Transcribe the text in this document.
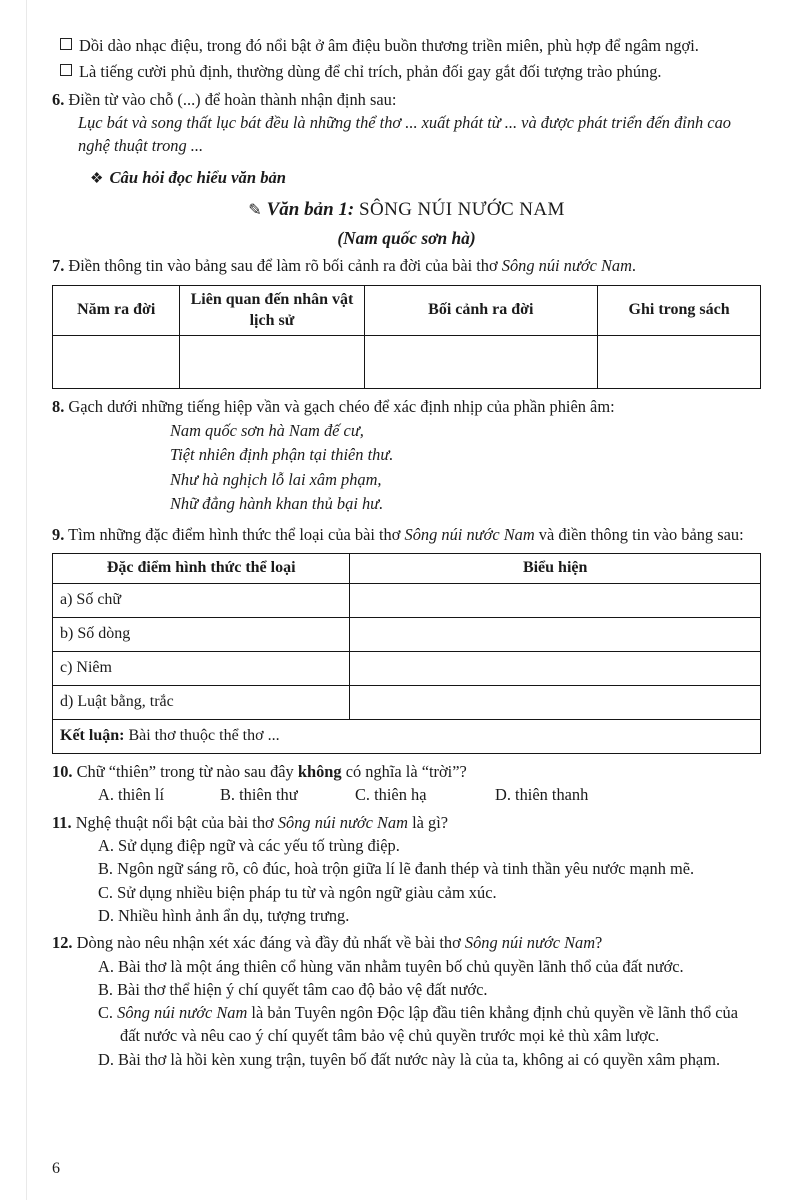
Dồi dào nhạc điệu, trong đó nổi bật ở âm điệu buồn thương triền miên, phù hợp để ngâm ngợi.
Là tiếng cười phủ định, thường dùng để chỉ trích, phản đối gay gắt đối tượng trào phúng.
6. Điền từ vào chỗ (...) để hoàn thành nhận định sau:
Lục bát và song thất lục bát đều là những thể thơ ... xuất phát từ ... và được phát triển đến đỉnh cao nghệ thuật trong ...
❖ Câu hỏi đọc hiểu văn bản
✎ Văn bản 1: SÔNG NÚI NƯỚC NAM
(Nam quốc sơn hà)
7. Điền thông tin vào bảng sau để làm rõ bối cảnh ra đời của bài thơ Sông núi nước Nam.
Năm ra đời	Liên quan đến nhân vật lịch sử	Bối cảnh ra đời	Ghi trong sách

8. Gạch dưới những tiếng hiệp vần và gạch chéo để xác định nhịp của phần phiên âm:
Nam quốc sơn hà Nam đế cư,
Tiệt nhiên định phận tại thiên thư.
Như hà nghịch lỗ lai xâm phạm,
Nhữ đẳng hành khan thủ bại hư.
9. Tìm những đặc điểm hình thức thể loại của bài thơ Sông núi nước Nam và điền thông tin vào bảng sau:
Đặc điểm hình thức thể loại	Biểu hiện
a) Số chữ	
b) Số dòng	
c) Niêm	
d) Luật bằng, trắc	
Kết luận: Bài thơ thuộc thể thơ ...	
10. Chữ “thiên” trong từ nào sau đây không có nghĩa là “trời”?
A. thiên lí	B. thiên thư	C. thiên hạ	D. thiên thanh
11. Nghệ thuật nổi bật của bài thơ Sông núi nước Nam là gì?
A. Sử dụng điệp ngữ và các yếu tố trùng điệp.
B. Ngôn ngữ sáng rõ, cô đúc, hoà trộn giữa lí lẽ đanh thép và tinh thần yêu nước mạnh mẽ.
C. Sử dụng nhiều biện pháp tu từ và ngôn ngữ giàu cảm xúc.
D. Nhiều hình ảnh ẩn dụ, tượng trưng.
12. Dòng nào nêu nhận xét xác đáng và đầy đủ nhất về bài thơ Sông núi nước Nam?
A. Bài thơ là một áng thiên cổ hùng văn nhằm tuyên bố chủ quyền lãnh thổ của đất nước.
B. Bài thơ thể hiện ý chí quyết tâm cao độ bảo vệ đất nước.
C. Sông núi nước Nam là bản Tuyên ngôn Độc lập đầu tiên khẳng định chủ quyền về lãnh thổ của đất nước và nêu cao ý chí quyết tâm bảo vệ chủ quyền trước mọi kẻ thù xâm lược.
D. Bài thơ là hồi kèn xung trận, tuyên bố đất nước này là của ta, không ai có quyền xâm phạm.
6
